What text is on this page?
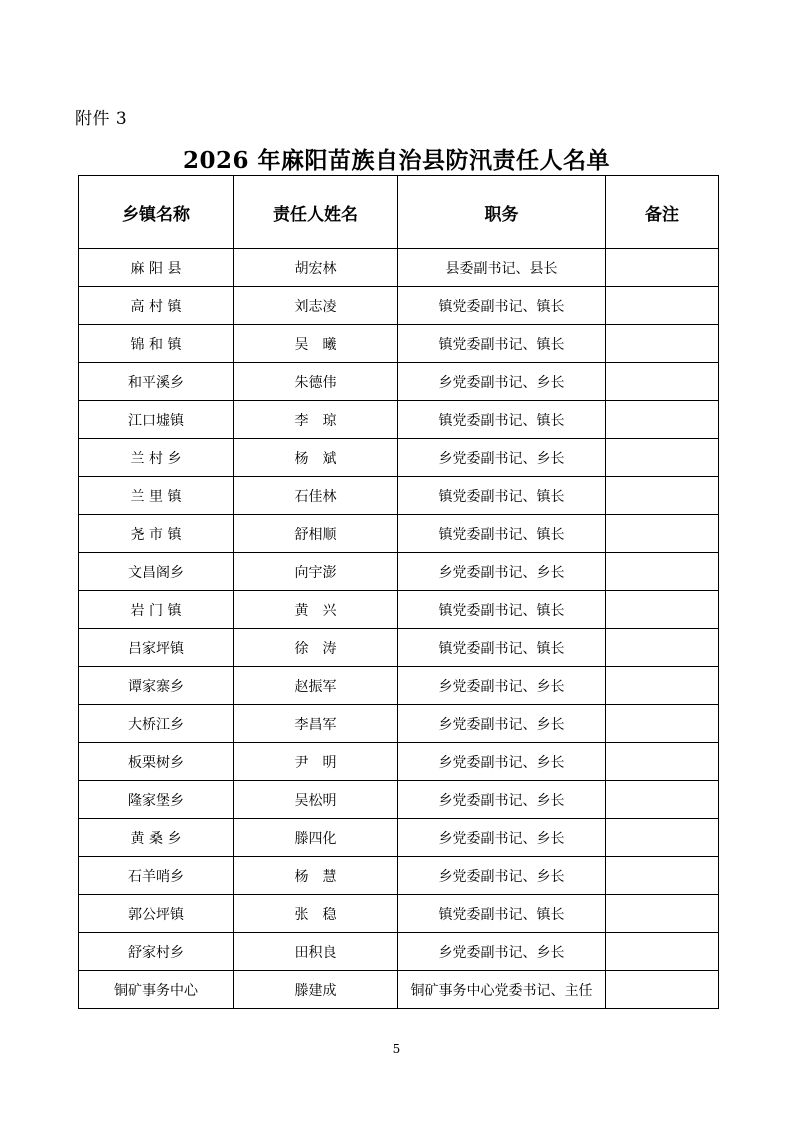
附件 3
2026 年麻阳苗族自治县防汛责任人名单
乡镇名称	责任人姓名	职务	备注
麻 阳 县	胡宏林	县委副书记、县长	
高 村 镇	刘志凌	镇党委副书记、镇长	
锦 和 镇	吴　曦	镇党委副书记、镇长	
和平溪乡	朱德伟	乡党委副书记、乡长	
江口墟镇	李　琼	镇党委副书记、镇长	
兰 村 乡	杨　斌	乡党委副书记、乡长	
兰 里 镇	石佳林	镇党委副书记、镇长	
尧 市 镇	舒相顺	镇党委副书记、镇长	
文昌阁乡	向宇澎	乡党委副书记、乡长	
岩 门 镇	黄　兴	镇党委副书记、镇长	
吕家坪镇	徐　涛	镇党委副书记、镇长	
谭家寨乡	赵振军	乡党委副书记、乡长	
大桥江乡	李昌军	乡党委副书记、乡长	
板栗树乡	尹　明	乡党委副书记、乡长	
隆家堡乡	吴松明	乡党委副书记、乡长	
黄 桑 乡	滕四化	乡党委副书记、乡长	
石羊哨乡	杨　慧	乡党委副书记、乡长	
郭公坪镇	张　稳	镇党委副书记、镇长	
舒家村乡	田积良	乡党委副书记、乡长	
铜矿事务中心	滕建成	铜矿事务中心党委书记、主任	
5
